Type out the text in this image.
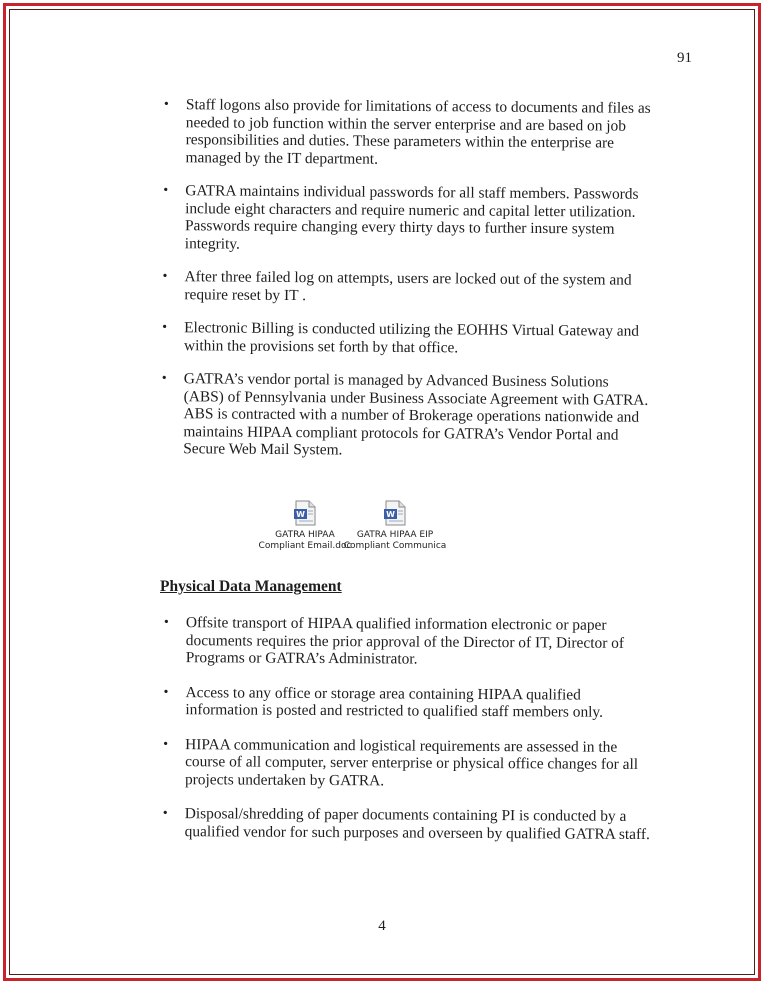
91
• Staff logons also provide for limitations of access to documents and files as needed to job function within the server enterprise and are based on job responsibilities and duties. These parameters within the enterprise are managed by the IT department.
• GATRA maintains individual passwords for all staff members. Passwords include eight characters and require numeric and capital letter utilization. Passwords require changing every thirty days to further insure system integrity.
• After three failed log on attempts, users are locked out of the system and require reset by IT .
• Electronic Billing is conducted utilizing the EOHHS Virtual Gateway and within the provisions set forth by that office.
• GATRA’s vendor portal is managed by Advanced Business Solutions (ABS) of Pennsylvania under Business Associate Agreement with GATRA. ABS is contracted with a number of Brokerage operations nationwide and maintains HIPAA compliant protocols for GATRA’s Vendor Portal and Secure Web Mail System.
W
GATRA HIPAA
Compliant Email.doc
W
GATRA HIPAA EIP
Compliant Communica
Physical Data Management
• Offsite transport of HIPAA qualified information electronic or paper documents requires the prior approval of the Director of IT, Director of Programs or GATRA’s Administrator.
• Access to any office or storage area containing HIPAA qualified information is posted and restricted to qualified staff members only.
• HIPAA communication and logistical requirements are assessed in the course of all computer, server enterprise or physical office changes for all projects undertaken by GATRA.
• Disposal/shredding of paper documents containing PI is conducted by a qualified vendor for such purposes and overseen by qualified GATRA staff.
4
